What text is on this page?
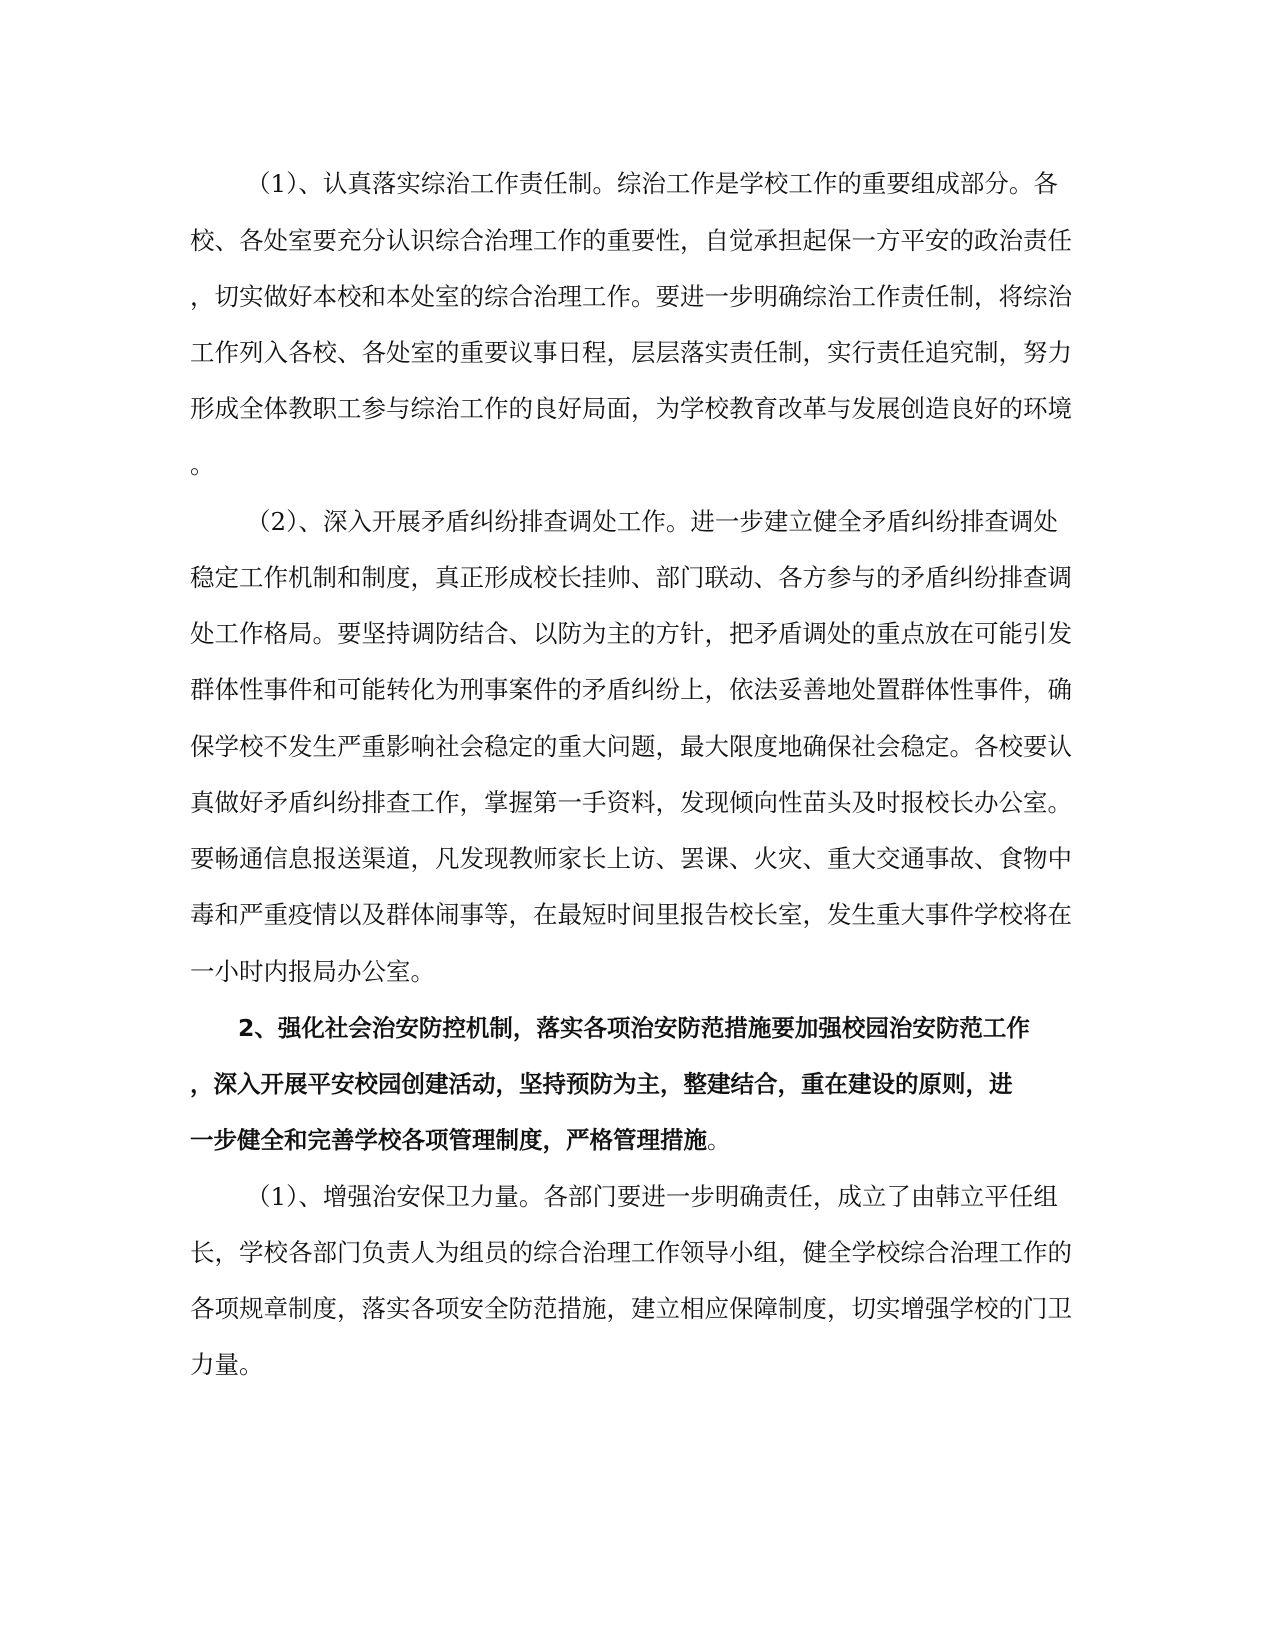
（1）、认真落实综治工作责任制。综治工作是学校工作的重要组成部分。各
校、各处室要充分认识综合治理工作的重要性，自觉承担起保一方平安的政治责任
，切实做好本校和本处室的综合治理工作。要进一步明确综治工作责任制，将综治
工作列入各校、各处室的重要议事日程，层层落实责任制，实行责任追究制，努力
形成全体教职工参与综治工作的良好局面，为学校教育改革与发展创造良好的环境
。
（2）、深入开展矛盾纠纷排查调处工作。进一步建立健全矛盾纠纷排查调处
稳定工作机制和制度，真正形成校长挂帅、部门联动、各方参与的矛盾纠纷排查调
处工作格局。要坚持调防结合、以防为主的方针，把矛盾调处的重点放在可能引发
群体性事件和可能转化为刑事案件的矛盾纠纷上，依法妥善地处置群体性事件，确
保学校不发生严重影响社会稳定的重大问题，最大限度地确保社会稳定。各校要认
真做好矛盾纠纷排查工作，掌握第一手资料，发现倾向性苗头及时报校长办公室。
要畅通信息报送渠道，凡发现教师家长上访、罢课、火灾、重大交通事故、食物中
毒和严重疫情以及群体闹事等，在最短时间里报告校长室，发生重大事件学校将在
一小时内报局办公室。
2、强化社会治安防控机制，落实各项治安防范措施要加强校园治安防范工作
，深入开展平安校园创建活动，坚持预防为主，整建结合，重在建设的原则，进
一步健全和完善学校各项管理制度，严格管理措施。
（1）、增强治安保卫力量。各部门要进一步明确责任，成立了由韩立平任组
长，学校各部门负责人为组员的综合治理工作领导小组，健全学校综合治理工作的
各项规章制度，落实各项安全防范措施，建立相应保障制度，切实增强学校的门卫
力量。
